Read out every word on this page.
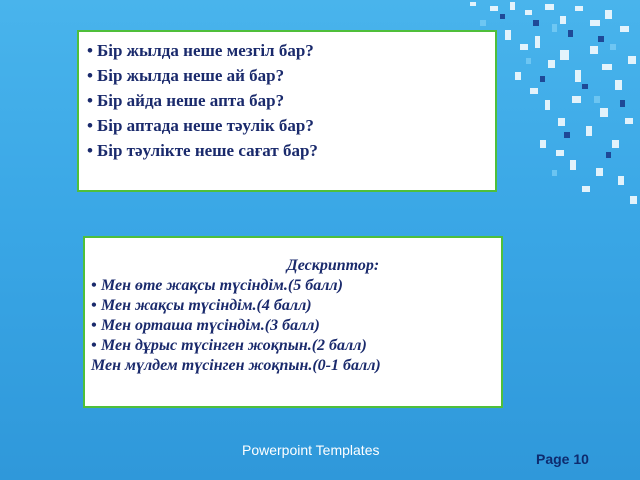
• Бір жылда неше мезгіл бар?
• Бір жылда неше ай бар?
• Бір айда неше апта бар?
• Бір аптада неше тәулік бар?
• Бір тәулікте неше сағат бар?
Дескриптор:
• Мен өте жақсы түсіндім.(5 балл)
• Мен жақсы түсіндім.(4 балл)
• Мен орташа түсіндім.(3 балл)
• Мен дұрыс түсінген жоқпын.(2 балл)
Мен мүлдем түсінген жоқпын.(0-1 балл)
Powerpoint Templates
Page 10
